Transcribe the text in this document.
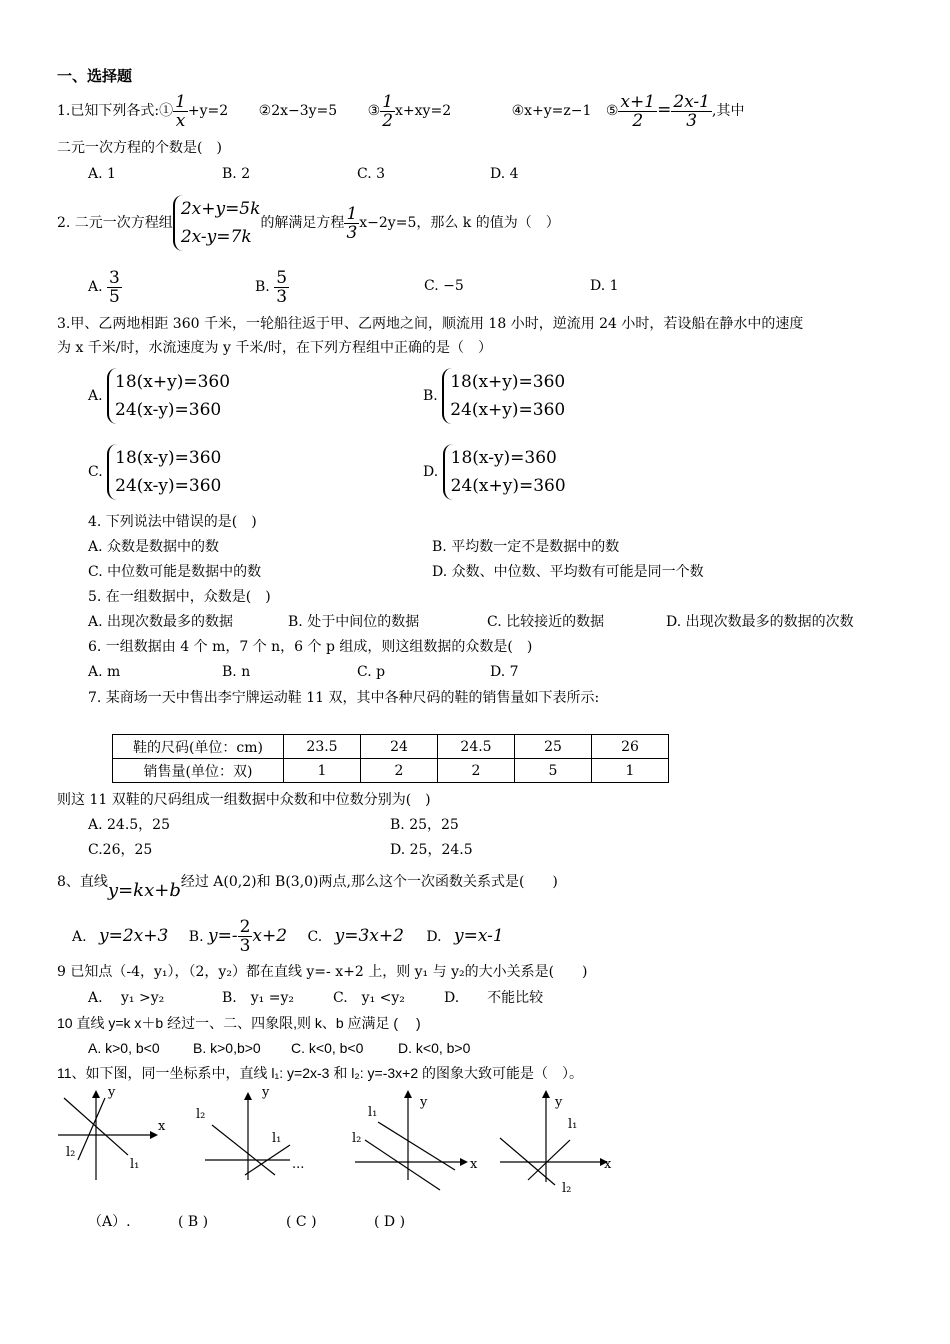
一、选择题
1.已知下列各式:① $\frac{1}{x} +y=2$ ②2x−3y=5 ③ $\frac{1}{2} x+xy=2$	④x+y=z−1 ⑤ $\frac{x+1}{2} = \frac{2x-1}{3}$ ,其中
二元一次方程的个数是(　)
A. 1	B. 2	C. 3	D. 4
2. 二元一次方程组
2x+y=5k
2x-y=7k
的解满足方程 $\frac{1}{3} x-2y=5$，那么 k 的值为（　）
A. $\frac{3}{5}$	B. $\frac{5}{3}$	C. −5	D. 1
3.甲、乙两地相距 360 千米，一轮船往返于甲、乙两地之间，顺流用 18 小时，逆流用 24 小时，若设船在静水中的速度
为 x 千米/时，水流速度为 y 千米/时，在下列方程组中正确的是（　）
A.
18(x+y)=360
24(x-y)=360
B.
18(x+y)=360
24(x+y)=360
C.
18(x-y)=360
24(x-y)=360
D.
18(x-y)=360
24(x+y)=360
4. 下列说法中错误的是(　)
A. 众数是数据中的数	B. 平均数一定不是数据中的数
C. 中位数可能是数据中的数	D. 众数、中位数、平均数有可能是同一个数
5. 在一组数据中，众数是(　)
A. 出现次数最多的数据	B. 处于中间位的数据	C. 比较接近的数据	D. 出现次数最多的数据的次数
6. 一组数据由 4 个 m，7 个 n，6 个 p 组成，则这组数据的众数是(　)
A. m	B. n	C. p	D. 7
7. 某商场一天中售出李宁牌运动鞋 11 双，其中各种尺码的鞋的销售量如下表所示:
鞋的尺码(单位：cm)	23.5	24	24.5	25	26
销售量(单位：双)	1	2	2	5	1
则这 11 双鞋的尺码组成一组数据中众数和中位数分别为(　)
A. 24.5，25	B. 25，25
C.26，25	D. 25，24.5
8、直线y=kx+b经过 A(0,2)和 B(3,0)两点,那么这个一次函数关系式是(　　)
A. y=2x+3 B. $y=- \frac{2}{3} x+2$ C. y=3x+2 D. y=x-1
9 已知点（-4，y₁），（2，y₂）都在直线 y=- x+2 上，则 y₁ 与 y₂的大小关系是(　　)
A.　 y₁ >y₂	B.　y₁ =y₂	C.　y₁ <y₂	D.　　不能比较
10 直线 y=k x＋b 经过一、二、四象限,则 k、b 应满足 (　 )
A. k>0, b<0 B. k>0,b>0 C. k<0, b<0 D. k<0, b>0
11、如下图，同一坐标系中，直线 l₁: y=2x-3 和 l₂: y=-3x+2 的图象大致可能是（　）。
y
x
l₂
l₁
y
l₂
l₁
...
y
l₁
l₂
x
y
l₁
x
l₂
（A）.	( B )	( C )	( D )
